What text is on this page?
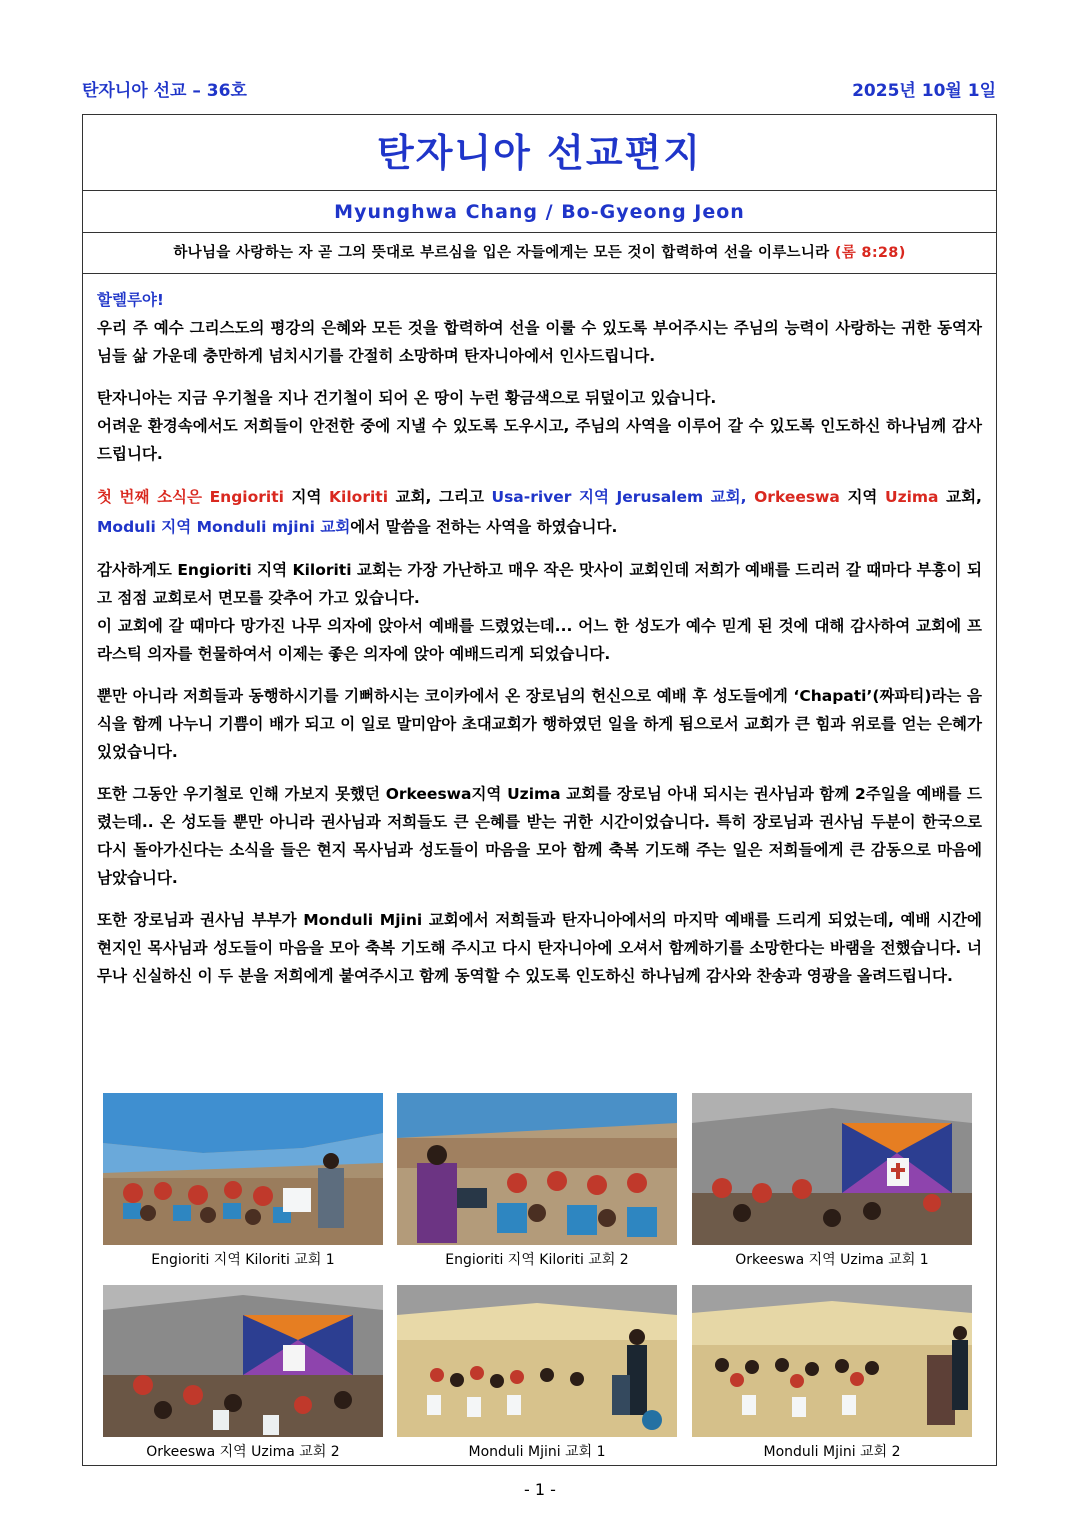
탄자니아 선교 – 36호	2025년 10월 1일
탄자니아 선교편지
Myunghwa Chang / Bo-Gyeong Jeon
하나님을 사랑하는 자 곧 그의 뜻대로 부르심을 입은 자들에게는 모든 것이 합력하여 선을 이루느니라 (롬 8:28)
할렐루야!

우리 주 예수 그리스도의 평강의 은혜와 모든 것을 합력하여 선을 이룰 수 있도록 부어주시는 주님의 능력이 사랑하는 귀한 동역자님들 삶 가운데 충만하게 넘치시기를 간절히 소망하며 탄자니아에서 인사드립니다.

탄자니아는 지금 우기철을 지나 건기철이 되어 온 땅이 누런 황금색으로 뒤덮이고 있습니다.
어려운 환경속에서도 저희들이 안전한 중에 지낼 수 있도록 도우시고, 주님의 사역을 이루어 갈 수 있도록 인도하신 하나님께 감사드립니다.

첫 번째 소식은 Engioriti 지역 Kiloriti 교회, 그리고 Usa-river 지역 Jerusalem 교회, Orkeeswa 지역 Uzima 교회, Moduli 지역 Monduli mjini 교회에서 말씀을 전하는 사역을 하였습니다.

감사하게도 Engioriti 지역 Kiloriti 교회는 가장 가난하고 매우 작은 맛사이 교회인데 저희가 예배를 드리러 갈 때마다 부흥이 되고 점점 교회로서 면모를 갖추어 가고 있습니다.
이 교회에 갈 때마다 망가진 나무 의자에 앉아서 예배를 드렸었는데... 어느 한 성도가 예수 믿게 된 것에 대해 감사하여 교회에 프라스틱 의자를 헌물하여서 이제는 좋은 의자에 앉아 예배드리게 되었습니다.

뿐만 아니라 저희들과 동행하시기를 기뻐하시는 코이카에서 온 장로님의 헌신으로 예배 후 성도들에게 ‘Chapati’(짜파티)라는 음식을 함께 나누니 기쁨이 배가 되고 이 일로 말미암아 초대교회가 행하였던 일을 하게 됨으로서 교회가 큰 힘과 위로를 얻는 은혜가 있었습니다.

또한 그동안 우기철로 인해 가보지 못했던 Orkeeswa지역 Uzima 교회를 장로님 아내 되시는 권사님과 함께 2주일을 예배를 드렸는데.. 온 성도들 뿐만 아니라 권사님과 저희들도 큰 은혜를 받는 귀한 시간이었습니다. 특히 장로님과 권사님 두분이 한국으로 다시 돌아가신다는 소식을 들은 현지 목사님과 성도들이 마음을 모아 함께 축복 기도해 주는 일은 저희들에게 큰 감동으로 마음에 남았습니다.

또한 장로님과 권사님 부부가 Monduli Mjini 교회에서 저희들과 탄자니아에서의 마지막 예배를 드리게 되었는데, 예배 시간에 현지인 목사님과 성도들이 마음을 모아 축복 기도해 주시고 다시 탄자니아에 오셔서 함께하기를 소망한다는 바램을 전했습니다. 너무나 신실하신 이 두 분을 저희에게 붙여주시고 함께 동역할 수 있도록 인도하신 하나님께 감사와 찬송과 영광을 올려드립니다.

Engioriti 지역 Kiloriti 교회 1	Engioriti 지역 Kiloriti 교회 2	Orkeeswa 지역 Uzima 교회 1
Orkeeswa 지역 Uzima 교회 2	Monduli Mjini 교회 1	Monduli Mjini 교회 2
- 1 -
